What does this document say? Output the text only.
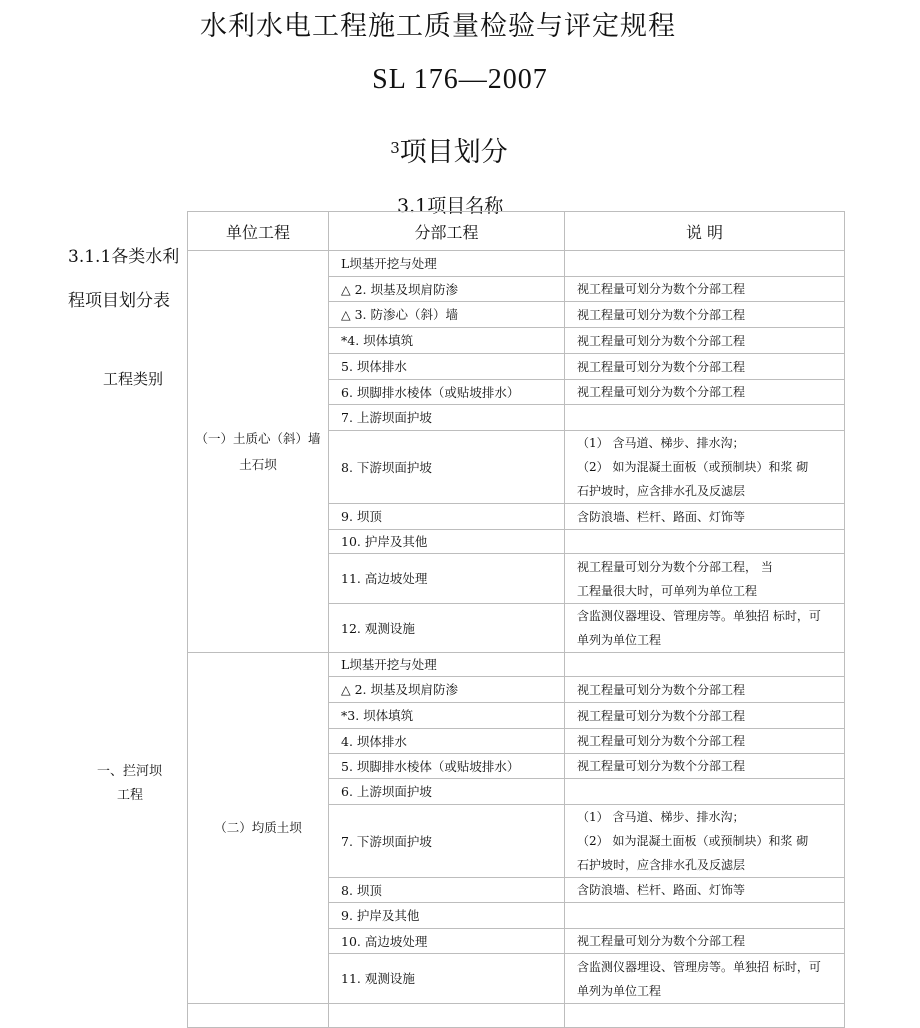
水利水电工程施工质量检验与评定规程
SL 176—2007
$^3$项目划分
3.1项目名称
3.1.1各类水利
程项目划分表
工程类别
一、拦河坝
工程
单位工程	分部工程	说 明

（一）土质心（斜）墙
土石坝	L坝基开挖与处理	
	△ 2. 坝基及坝肩防渗	视工程量可划分为数个分部工程
	△ 3. 防渗心（斜）墙	视工程量可划分为数个分部工程
	*4. 坝体填筑	视工程量可划分为数个分部工程
	5. 坝体排水	视工程量可划分为数个分部工程
	6. 坝脚排水棱体（或贴坡排水）	视工程量可划分为数个分部工程
	7. 上游坝面护坡	
	8. 下游坝面护坡	（1） 含马道、梯步、排水沟；
（2） 如为混凝土面板（或预制块）和浆 砌
石护坡时，应含排水孔及反滤层

	9. 坝顶	含防浪墙、栏杆、路面、灯饰等
	10. 护岸及其他	
	11. 高边坡处理	视工程量可划分为数个分部工程， 当
工程量很大时，可单列为单位工程

	12. 观测设施	含监测仪器埋设、管理房等。单独招 标时，可
单列为单位工程

（二）均质土坝	L坝基开挖与处理	
	△ 2. 坝基及坝肩防渗	视工程量可划分为数个分部工程
	*3. 坝体填筑	视工程量可划分为数个分部工程
	4. 坝体排水	视工程量可划分为数个分部工程
	5. 坝脚排水棱体（或贴坡排水）	视工程量可划分为数个分部工程
	6. 上游坝面护坡	
	7. 下游坝面护坡	（1） 含马道、梯步、排水沟；
（2） 如为混凝土面板（或预制块）和浆 砌
石护坡时，应含排水孔及反滤层

	8. 坝顶	含防浪墙、栏杆、路面、灯饰等
	9. 护岸及其他	
	10. 高边坡处理	视工程量可划分为数个分部工程
	11. 观测设施	含监测仪器埋设、管理房等。单独招 标时，可
单列为单位工程
